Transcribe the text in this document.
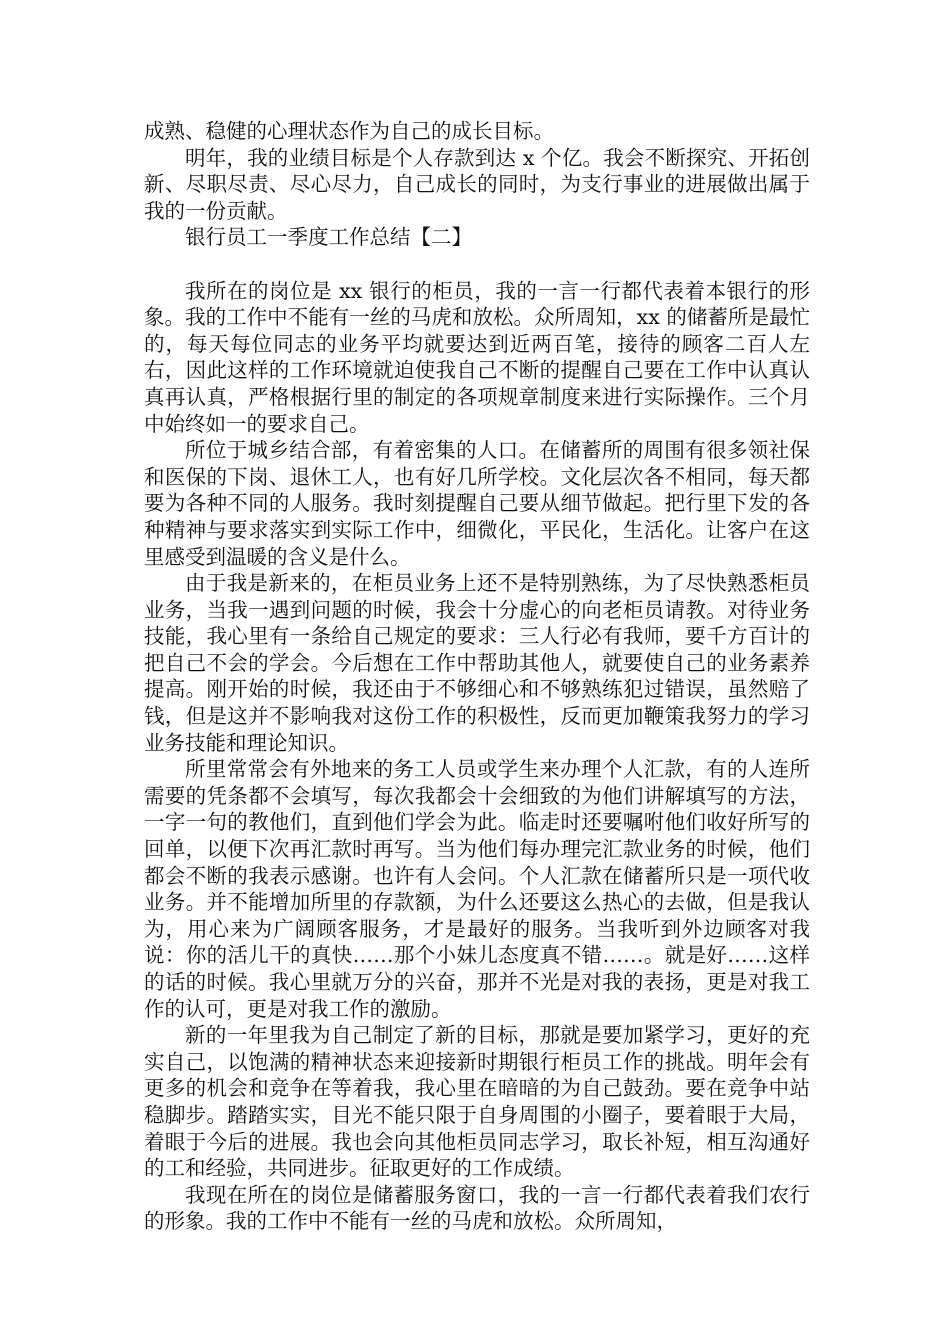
成熟、稳健的心理状态作为自己的成长目标。

明年，我的业绩目标是个人存款到达 x 个亿。我会不断探究、开拓创新、尽职尽责、尽心尽力，自己成长的同时，为支行事业的进展做出属于我的一份贡献。

银行员工一季度工作总结【二】

我所在的岗位是 xx 银行的柜员，我的一言一行都代表着本银行的形象。我的工作中不能有一丝的马虎和放松。众所周知，xx 的储蓄所是最忙的，每天每位同志的业务平均就要达到近两百笔，接待的顾客二百人左右，因此这样的工作环境就迫使我自己不断的提醒自己要在工作中认真认真再认真，严格根据行里的制定的各项规章制度来进行实际操作。三个月中始终如一的要求自己。

所位于城乡结合部，有着密集的人口。在储蓄所的周围有很多领社保和医保的下岗、退休工人，也有好几所学校。文化层次各不相同，每天都要为各种不同的人服务。我时刻提醒自己要从细节做起。把行里下发的各种精神与要求落实到实际工作中，细微化，平民化，生活化。让客户在这里感受到温暖的含义是什么。

由于我是新来的，在柜员业务上还不是特别熟练，为了尽快熟悉柜员业务，当我一遇到问题的时候，我会十分虚心的向老柜员请教。对待业务技能，我心里有一条给自己规定的要求：三人行必有我师，要千方百计的把自己不会的学会。今后想在工作中帮助其他人，就要使自己的业务素养提高。刚开始的时候，我还由于不够细心和不够熟练犯过错误，虽然赔了钱，但是这并不影响我对这份工作的积极性，反而更加鞭策我努力的学习业务技能和理论知识。

所里常常会有外地来的务工人员或学生来办理个人汇款，有的人连所需要的凭条都不会填写，每次我都会十会细致的为他们讲解填写的方法，一字一句的教他们，直到他们学会为此。临走时还要嘱咐他们收好所写的回单，以便下次再汇款时再写。当为他们每办理完汇款业务的时候，他们都会不断的我表示感谢。也许有人会问。个人汇款在储蓄所只是一项代收业务。并不能增加所里的存款额，为什么还要这么热心的去做，但是我认为，用心来为广阔顾客服务，才是最好的服务。当我听到外边顾客对我说：你的活儿干的真快……那个小妹儿态度真不错……。就是好……这样的话的时候。我心里就万分的兴奋，那并不光是对我的表扬，更是对我工作的认可，更是对我工作的激励。

新的一年里我为自己制定了新的目标，那就是要加紧学习，更好的充实自己，以饱满的精神状态来迎接新时期银行柜员工作的挑战。明年会有更多的机会和竞争在等着我，我心里在暗暗的为自己鼓劲。要在竞争中站稳脚步。踏踏实实，目光不能只限于自身周围的小圈子，要着眼于大局，着眼于今后的进展。我也会向其他柜员同志学习，取长补短，相互沟通好的工和经验，共同进步。征取更好的工作成绩。

我现在所在的岗位是储蓄服务窗口，我的一言一行都代表着我们农行的形象。我的工作中不能有一丝的马虎和放松。众所周知，
